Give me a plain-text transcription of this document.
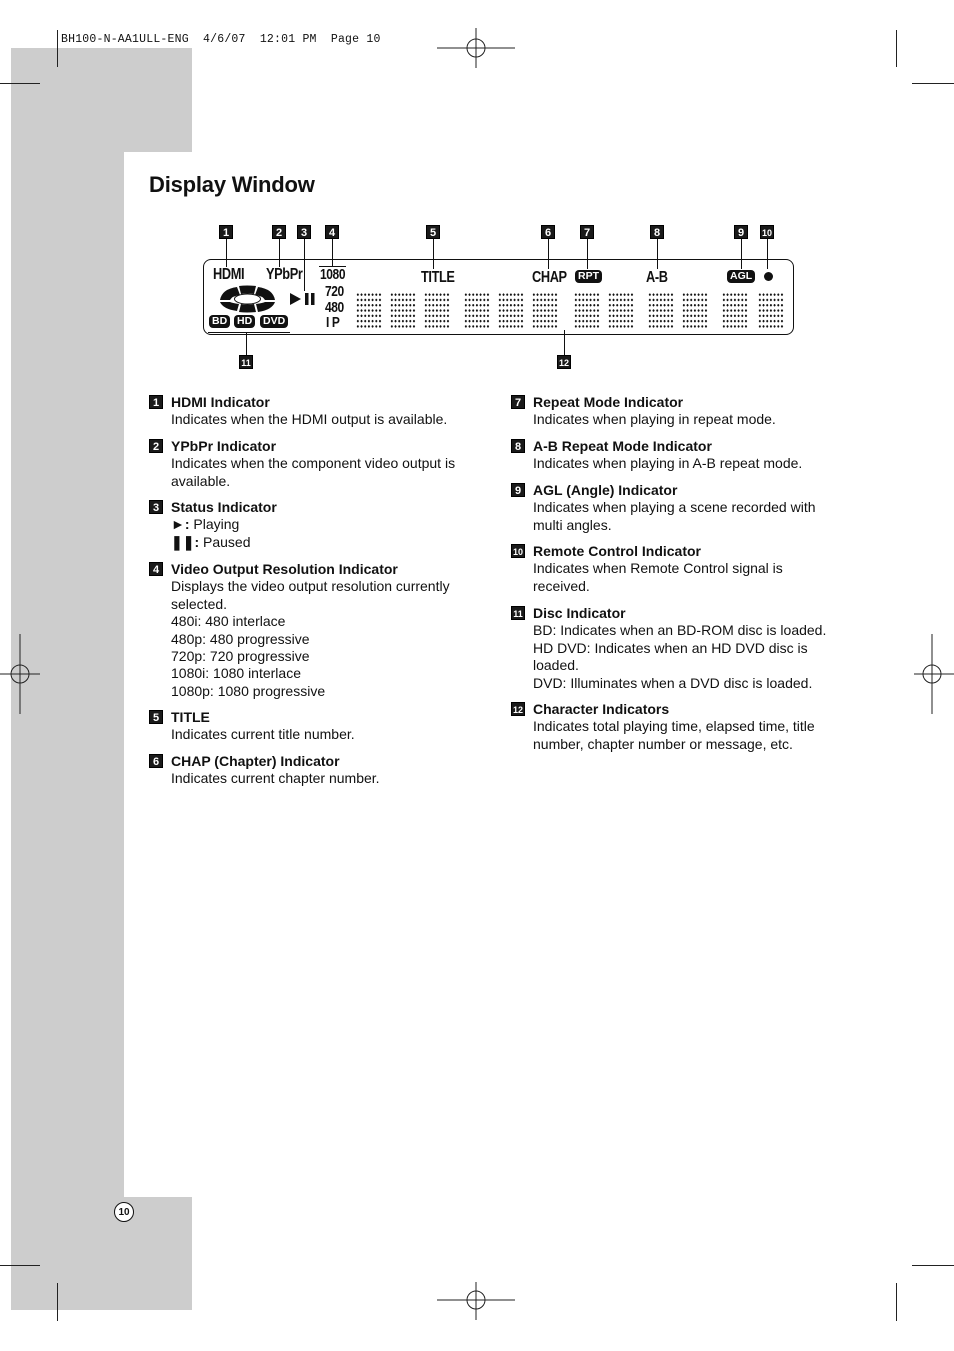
BH100-N-AA1ULL-ENG  4/6/07  12:01 PM  Page 10
Display Window
1	2	3	4	5	6	7	8	9	10
11	12
HDMI YPbPr 1080
720
480
I P
TITLE	CHAP RPT	A-B	AGL
BD HD DVD
1 HDMI Indicator
Indicates when the HDMI output is available.
2 YPbPr Indicator
Indicates when the component video output is
available.
3 Status Indicator
►: Playing
❚❚: Paused
4 Video Output Resolution Indicator
Displays the video output resolution currently
selected.
480i: 480 interlace
480p: 480 progressive
720p: 720 progressive
1080i: 1080 interlace
1080p: 1080 progressive
5 TITLE
Indicates current title number.
6 CHAP (Chapter) Indicator
Indicates current chapter number.
7 Repeat Mode Indicator
Indicates when playing in repeat mode.
8 A-B Repeat Mode Indicator
Indicates when playing in A-B repeat mode.
9 AGL (Angle) Indicator
Indicates when playing a scene recorded with
multi angles.
10 Remote Control Indicator
Indicates when Remote Control signal is
received.
11 Disc Indicator
BD: Indicates when an BD-ROM disc is loaded.
HD DVD: Indicates when an HD DVD disc is
loaded.
DVD: Illuminates when a DVD disc is loaded.
12 Character Indicators
Indicates total playing time, elapsed time, title
number, chapter number or message, etc.
10
